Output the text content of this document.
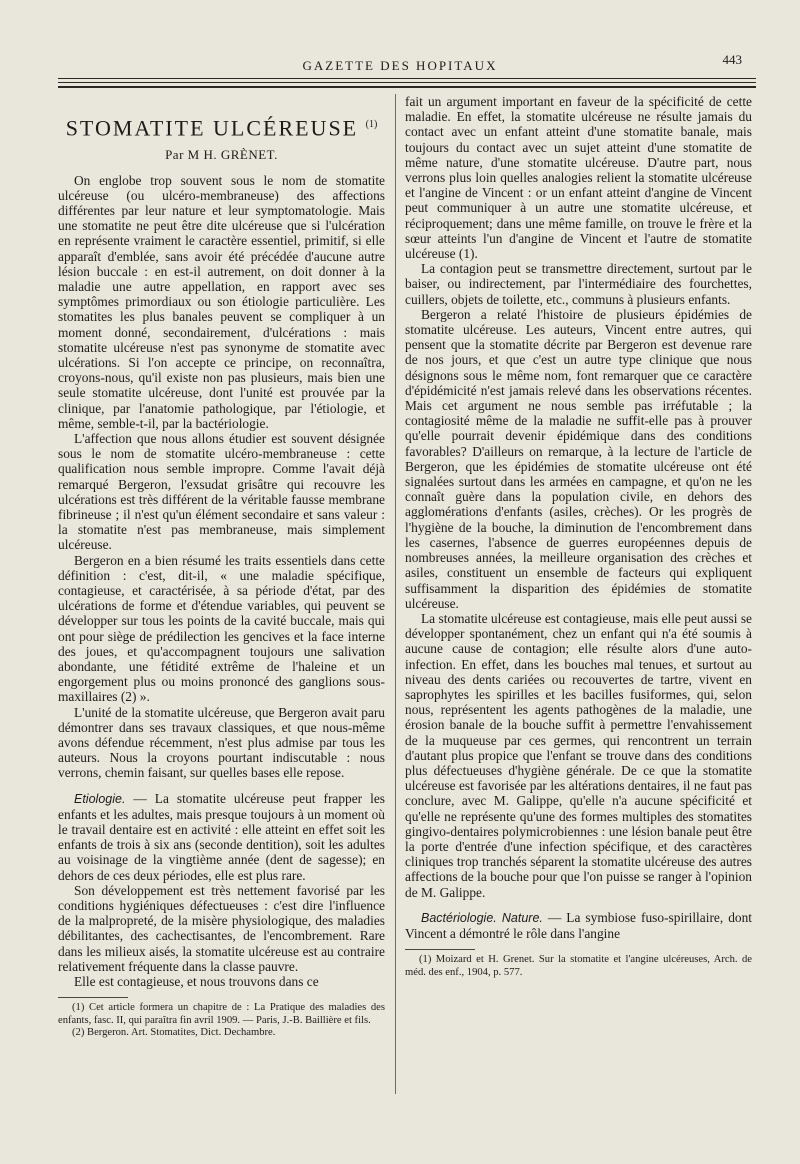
GAZETTE DES HOPITAUX	443
STOMATITE ULCÉREUSE $^{(1)}$
Par M H. GRÈNET.

On englobe trop souvent sous le nom de stomatite ulcéreuse (ou ulcéro-membraneuse) des affections différentes par leur nature et leur symptomatologie. Mais une stomatite ne peut être dite ulcéreuse que si l'ulcération en représente vraiment le caractère essentiel, primitif, si elle apparaît d'emblée, sans avoir été précédée d'aucune autre lésion buccale : en est-il autrement, on doit donner à la maladie une autre appellation, en rapport avec ses symptômes primordiaux ou son étiologie particulière. Les stomatites les plus banales peuvent se compliquer à un moment donné, secondairement, d'ulcérations : mais stomatite ulcéreuse n'est pas synonyme de stomatite avec ulcérations. Si l'on accepte ce principe, on reconnaîtra, croyons-nous, qu'il existe non pas plusieurs, mais bien une seule stomatite ulcéreuse, dont l'unité est prouvée par la clinique, par l'anatomie pathologique, par l'étiologie, et même, semble-t-il, par la bactériologie.

L'affection que nous allons étudier est souvent désignée sous le nom de stomatite ulcéro-membraneuse : cette qualification nous semble impropre. Comme l'avait déjà remarqué Bergeron, l'exsudat grisâtre qui recouvre les ulcérations est très différent de la véritable fausse membrane fibrineuse ; il n'est qu'un élément secondaire et sans valeur : la stomatite n'est pas membraneuse, mais simplement ulcéreuse.

Bergeron en a bien résumé les traits essentiels dans cette définition : c'est, dit-il, « une maladie spécifique, contagieuse, et caractérisée, à sa période d'état, par des ulcérations de forme et d'étendue variables, qui peuvent se développer sur tous les points de la cavité buccale, mais qui ont pour siège de prédilection les gencives et la face interne des joues, et qu'accompagnent toujours une salivation abondante, une fétidité extrême de l'haleine et un engorgement plus ou moins prononcé des ganglions sous-maxillaires (2) ».

L'unité de la stomatite ulcéreuse, que Bergeron avait paru démontrer dans ses travaux classiques, et que nous-même avons défendue récemment, n'est plus admise par tous les auteurs. Nous la croyons pourtant indiscutable : nous verrons, chemin faisant, sur quelles bases elle repose.

Etiologie. — La stomatite ulcéreuse peut frapper les enfants et les adultes, mais presque toujours à un moment où le travail dentaire est en activité : elle atteint en effet soit les enfants de trois à six ans (seconde dentition), soit les adultes au voisinage de la vingtième année (dent de sagesse); en dehors de ces deux périodes, elle est plus rare.

Son développement est très nettement favorisé par les conditions hygiéniques défectueuses : c'est dire l'influence de la malpropreté, de la misère physiologique, des maladies débilitantes, des cachectisantes, de l'encombrement. Rare dans les milieux aisés, la stomatite ulcéreuse est au contraire relativement fréquente dans la classe pauvre.

Elle est contagieuse, et nous trouvons dans ce

(1) Cet article formera un chapitre de : La Pratique des maladies des enfants, fasc. II, qui paraîtra fin avril 1909. — Paris, J.-B. Baillière et fils.

(2) Bergeron. Art. Stomatites, Dict. Dechambre.

fait un argument important en faveur de la spécificité de cette maladie. En effet, la stomatite ulcéreuse ne résulte jamais du contact avec un enfant atteint d'une stomatite banale, mais toujours du contact avec un sujet atteint d'une stomatite de même nature, d'une stomatite ulcéreuse. D'autre part, nous verrons plus loin quelles analogies relient la stomatite ulcéreuse et l'angine de Vincent : or un enfant atteint d'angine de Vincent peut communiquer à un autre une stomatite ulcéreuse, et réciproquement; dans une même famille, on trouve le frère et la sœur atteints l'un d'angine de Vincent et l'autre de stomatite ulcéreuse (1).

La contagion peut se transmettre directement, surtout par le baiser, ou indirectement, par l'intermédiaire des fourchettes, cuillers, objets de toilette, etc., communs à plusieurs enfants.

Bergeron a relaté l'histoire de plusieurs épidémies de stomatite ulcéreuse. Les auteurs, Vincent entre autres, qui pensent que la stomatite décrite par Bergeron est devenue rare de nos jours, et que c'est un autre type clinique que nous désignons sous le même nom, font remarquer que ce caractère d'épidémicité n'est jamais relevé dans les observations récentes. Mais cet argument ne nous semble pas irréfutable ; la contagiosité même de la maladie ne suffit-elle pas à prouver qu'elle pourrait devenir épidémique dans des conditions favorables? D'ailleurs on remarque, à la lecture de l'article de Bergeron, que les épidémies de stomatite ulcéreuse ont été signalées surtout dans les armées en campagne, et qu'on ne les connaît guère dans la population civile, en dehors des agglomérations d'enfants (asiles, crèches). Or les progrès de l'hygiène de la bouche, la diminution de l'encombrement dans les casernes, l'absence de guerres européennes depuis de nombreuses années, la meilleure organisation des crèches et asiles, constituent un ensemble de facteurs qui expliquent suffisamment la disparition des épidémies de stomatite ulcéreuse.

La stomatite ulcéreuse est contagieuse, mais elle peut aussi se développer spontanément, chez un enfant qui n'a été soumis à aucune cause de contagion; elle résulte alors d'une auto-infection. En effet, dans les bouches mal tenues, et surtout au niveau des dents cariées ou recouvertes de tartre, vivent en saprophytes les spirilles et les bacilles fusiformes, qui, selon nous, représentent les agents pathogènes de la maladie, une érosion banale de la bouche suffit à permettre l'envahissement de la muqueuse par ces germes, qui rencontrent un terrain d'autant plus propice que l'enfant se trouve dans des conditions plus défectueuses d'hygiène générale. De ce que la stomatite ulcéreuse est favorisée par les altérations dentaires, il ne faut pas conclure, avec M. Galippe, qu'elle n'a aucune spécificité et qu'elle ne représente qu'une des formes multiples des stomatites gingivo-dentaires polymicrobiennes : une lésion banale peut être la porte d'entrée d'une infection spécifique, et des caractères cliniques trop tranchés séparent la stomatite ulcéreuse des autres affections de la bouche pour que l'on puisse se ranger à l'opinion de M. Galippe.

Bactériologie. Nature. — La symbiose fuso-spirillaire, dont Vincent a démontré le rôle dans l'angine

(1) Moizard et H. Grenet. Sur la stomatite et l'angine ulcéreuses, Arch. de méd. des enf., 1904, p. 577.
